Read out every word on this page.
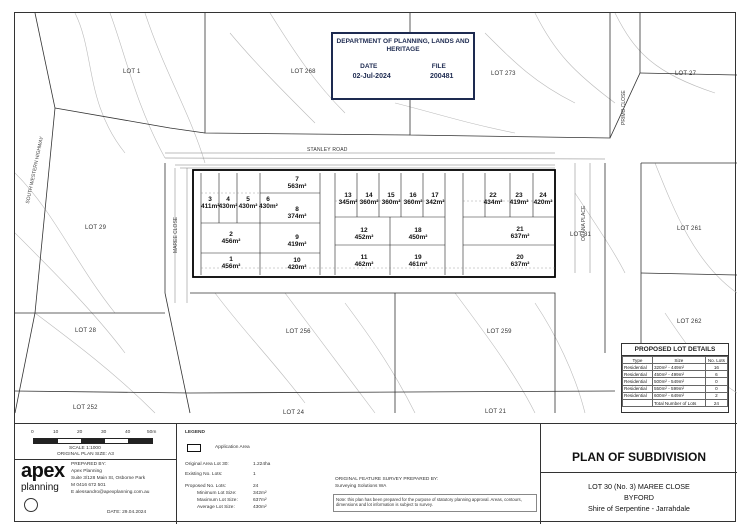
LOT 1	LOT 268	LOT 273	LOT 27
LOT 29
LOT 31
LOT 261
LOT 28	LOT 256	LOT 259
LOT 262
LOT 252
LOT 24	LOT 21
STANLEY ROAD
SOUTH WESTERN HIGHWAY
MAREE CLOSE	ORANA PLACE
PRIMO CLOSE
3
411m²
4
430m²
5
430m²
6
430m²
7
563m²
8
374m²
9
419m²
10
420m²
2
456m²
1
456m²
13
345m²
14
360m²
15
360m²
16
360m²
17
342m²
12
452m²
18
450m²
11
462m²
19
461m²
22
434m²
23
419m²
24
420m²
21
637m²
20
637m²
DEPARTMENT OF PLANNING, LANDS AND HERITAGE
DATE	FILE
02-Jul-2024	200481
PROPOSED LOT DETAILS
Type	Size	No. Lots
Residential	320m² - 449m²	16
Residential	450m² - 499m²	6
Residential	500m² - 549m²	0
Residential	550m² - 599m²	0
Residential	600m² - 649m²	2
	Total Number of Lots	24
0	10	20	30	40	50m
SCALE 1:1000
ORIGINAL PLAN SIZE: A3
apex
planning
PREPARED BY:
Apex Planning
Suite 3/128 Main St, Osborne Park
M 0416 672 501
E alessandro@apexplanning.com.au
DATE: 29.04.2024
LEGEND
Application Area
Original Area Lot 30:	1.224ha
Existing No. Lots:	1
Proposed No. Lots:	24
Minimum Lot Size:	342m²
Maximum Lot Size:	637m²
Average Lot Size:	430m²
ORIGINAL FEATURE SURVEY PREPARED BY:
Surveying Solutions WA
Note: this plan has been prepared for the purpose of statutory planning approval. Areas, contours, dimensions and lot information is subject to survey.
PLAN OF SUBDIVISION
LOT 30 (No. 3) MAREE CLOSE
BYFORD
Shire of Serpentine - Jarrahdale
